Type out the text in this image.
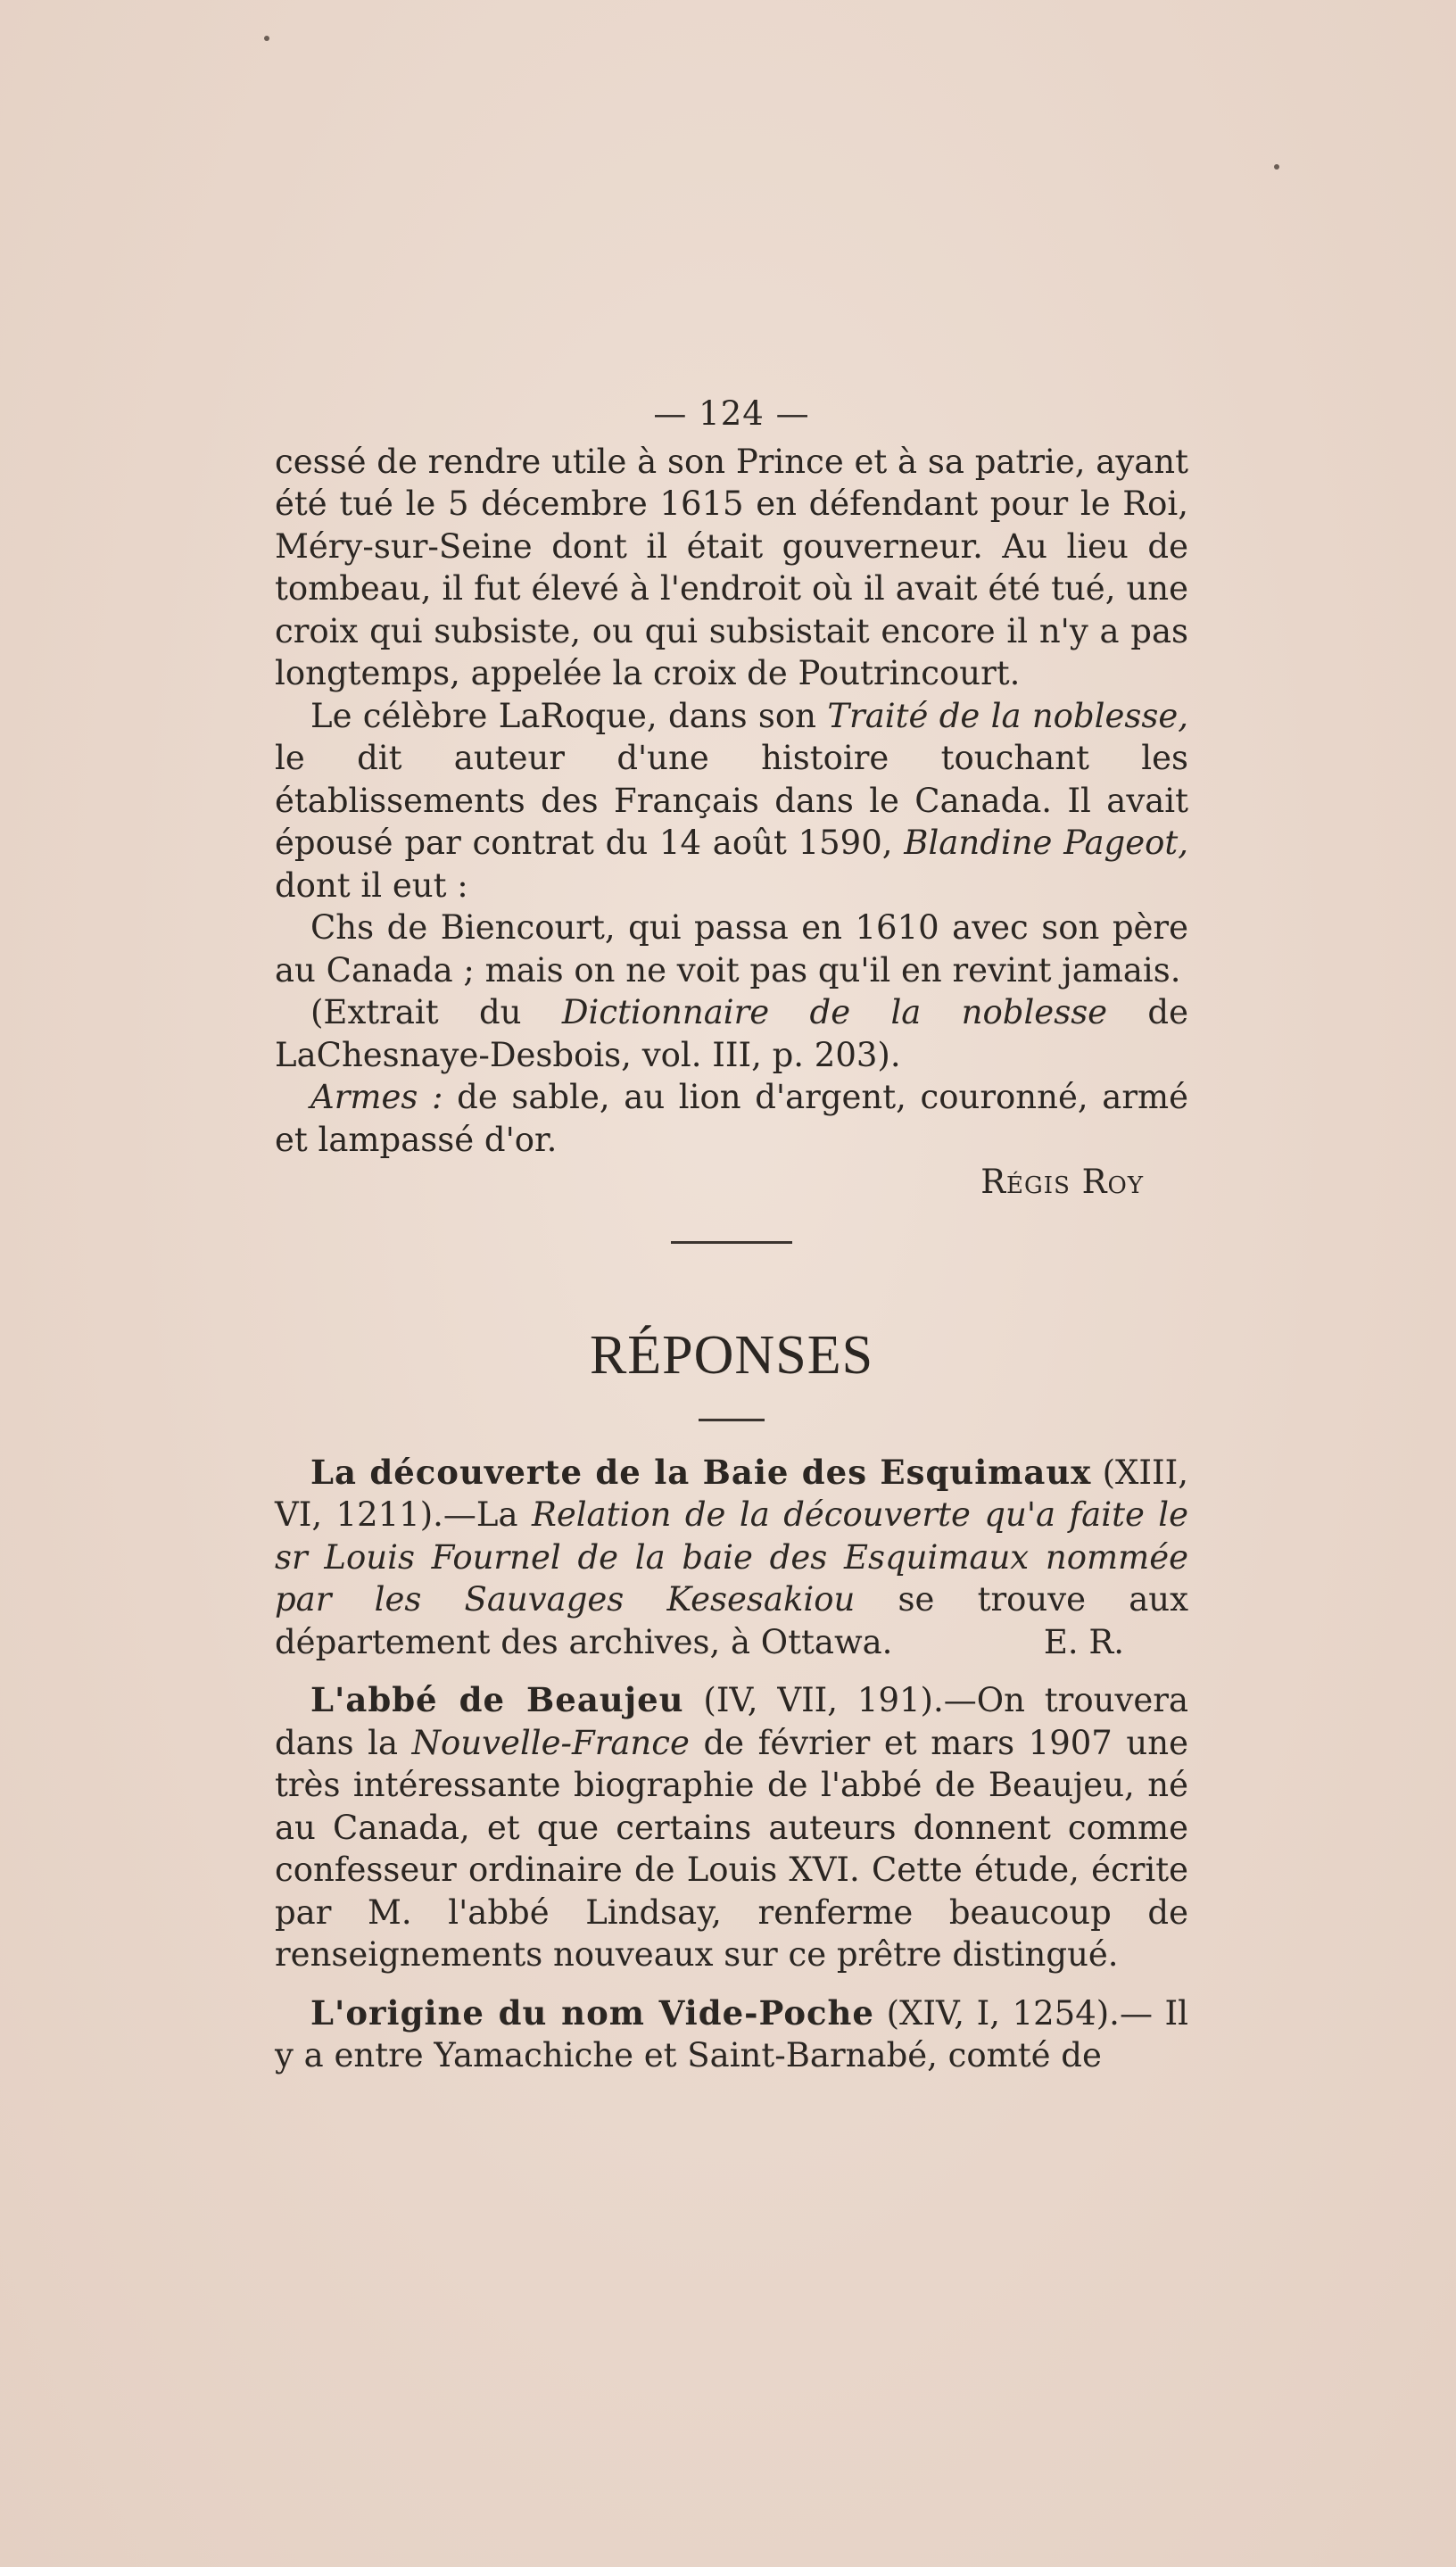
— 124 —

cessé de rendre utile à son Prince et à sa patrie, ayant été tué le 5 décembre 1615 en défendant pour le Roi, Méry-sur-Seine dont il était gouverneur. Au lieu de tombeau, il fut élevé à l'endroit où il avait été tué, une croix qui subsiste, ou qui subsistait encore il n'y a pas longtemps, appelée la croix de Poutrincourt.

Le célèbre LaRoque, dans son Traité de la noblesse, le dit auteur d'une histoire touchant les établissements des Français dans le Canada. Il avait épousé par contrat du 14 août 1590, Blandine Pageot, dont il eut :

Chs de Biencourt, qui passa en 1610 avec son père au Canada ; mais on ne voit pas qu'il en revint jamais.

(Extrait du Dictionnaire de la noblesse de LaChesnaye-Desbois, vol. III, p. 203).

Armes : de sable, au lion d'argent, couronné, armé et lampassé d'or.

Régis Roy

RÉPONSES

La découverte de la Baie des Esquimaux (XIII, VI, 1211).—La Relation de la découverte qu'a faite le sr Louis Fournel de la baie des Esquimaux nommée par les Sauvages Kesesakiou se trouve aux département des archives, à Ottawa.	E. R.

L'abbé de Beaujeu (IV, VII, 191).—On trouvera dans la Nouvelle-France de février et mars 1907 une très intéressante biographie de l'abbé de Beaujeu, né au Canada, et que certains auteurs donnent comme confesseur ordinaire de Louis XVI. Cette étude, écrite par M. l'abbé Lindsay, renferme beaucoup de renseignements nouveaux sur ce prêtre distingué.

L'origine du nom Vide-Poche (XIV, I, 1254).— Il y a entre Yamachiche et Saint-Barnabé, comté de
